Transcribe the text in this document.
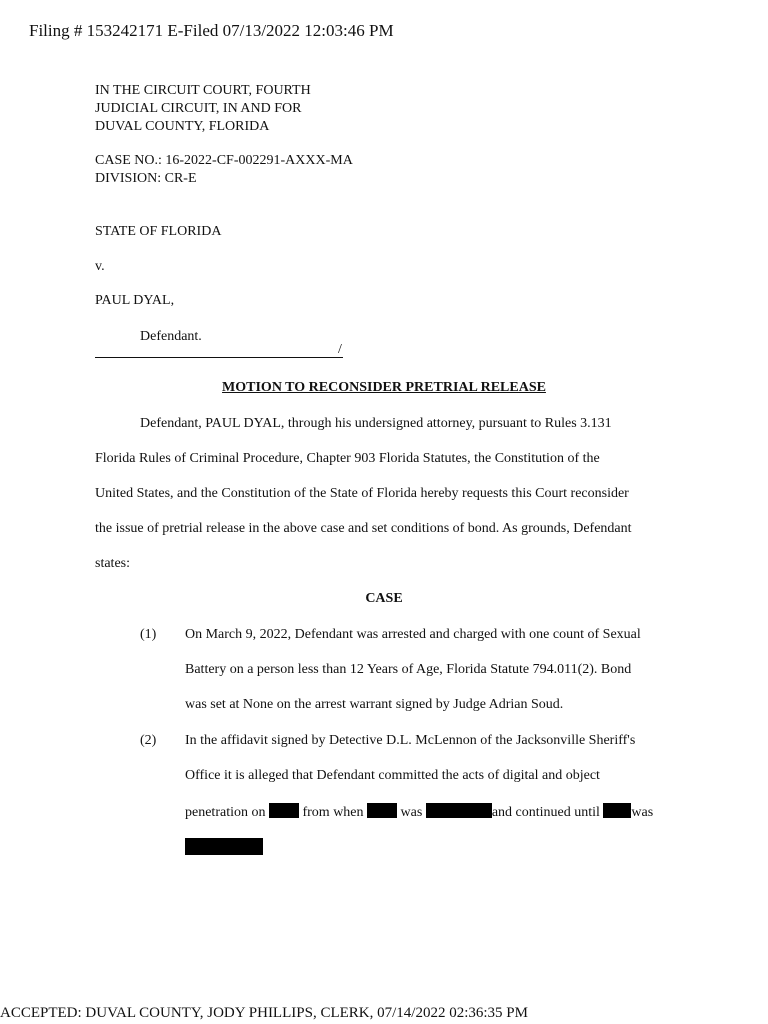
Filing # 153242171 E-Filed 07/13/2022 12:03:46 PM
IN THE CIRCUIT COURT, FOURTH
JUDICIAL CIRCUIT, IN AND FOR
DUVAL COUNTY, FLORIDA
CASE NO.: 16-2022-CF-002291-AXXX-MA
DIVISION: CR-E
STATE OF FLORIDA
v.
PAUL DYAL,
Defendant.
/
MOTION TO RECONSIDER PRETRIAL RELEASE
Defendant, PAUL DYAL, through his undersigned attorney, pursuant to Rules 3.131
Florida Rules of Criminal Procedure, Chapter 903 Florida Statutes, the Constitution of the
United States, and the Constitution of the State of Florida hereby requests this Court reconsider
the issue of pretrial release in the above case and set conditions of bond. As grounds, Defendant
states:
CASE
(1) On March 9, 2022, Defendant was arrested and charged with one count of Sexual
Battery on a person less than 12 Years of Age, Florida Statute 794.011(2). Bond
was set at None on the arrest warrant signed by Judge Adrian Soud.
(2) In the affidavit signed by Detective D.L. McLennon of the Jacksonville Sheriff's
Office it is alleged that Defendant committed the acts of digital and object
penetration on	from when	was	and continued until was
ACCEPTED: DUVAL COUNTY, JODY PHILLIPS, CLERK, 07/14/2022 02:36:35 PM
